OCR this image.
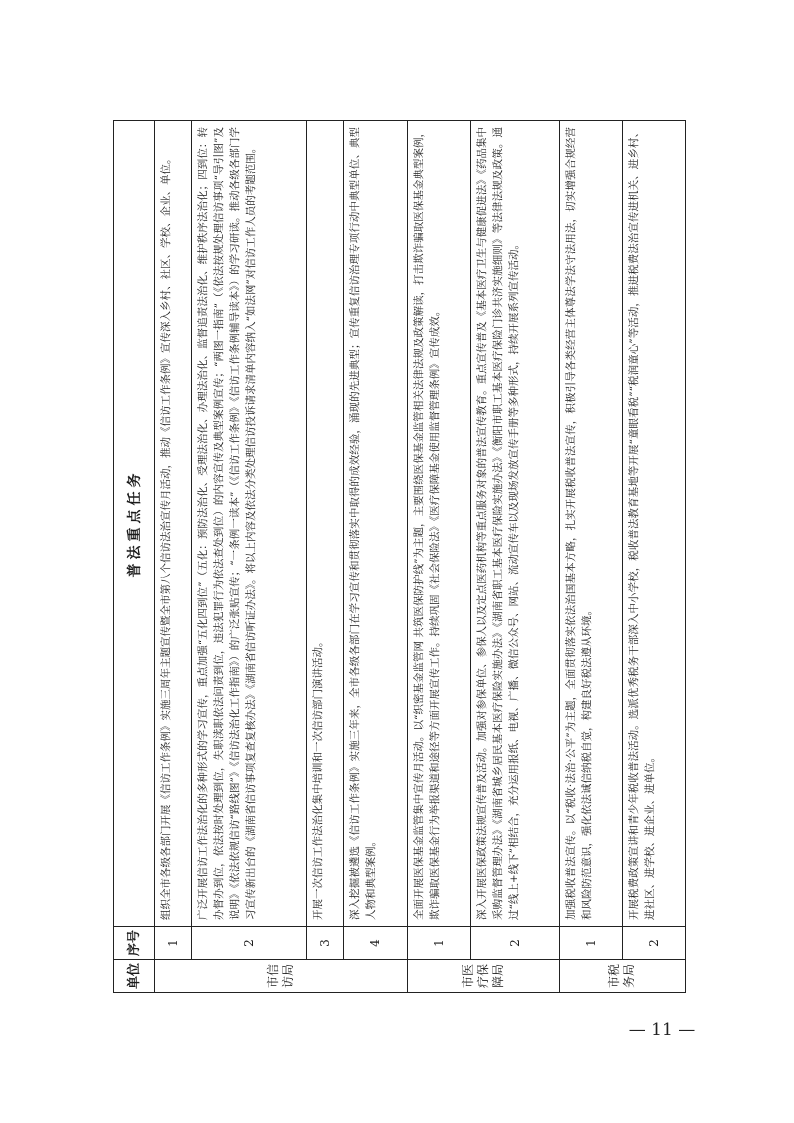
单位	序号	普法重点任务
市信访局	1	组织全市各级各部门开展《信访工作条例》实施三周年主题宣传暨全市第八个信访法治宣传月活动，推动《信访工作条例》宣传深入乡村、社区、学校、企业、单位。
	2	广泛开展信访工作法治化的多种形式的学习宣传，重点加强“五化四到位”（五化：预防法治化、受理法治化、办理法治化、监督追责法治化、维护秩序法治化；四到位：转办督办到位，依法按时处理到位，失职渎职依法问责到位，违法犯罪行为依法查处到位）的内容宣传及典型案例宣传；“两图一指南”（《依法按规处理信访事项“导引图”及说明》《依法依规信访“路线图”》《信访法治化工作指南》）的广泛张贴宣传；“一条例一读本”（《信访工作条例》《信访工作条例辅导读本》）的学习研读。推动各级各部门学习宣传新出台的《湖南省信访事项复查复核办法》《湖南省信访听证办法》。将以上内容及依法分类处理信访投诉请求清单内容纳入“如法网”对信访工作人员的考题范围。
	3	开展一次信访工作法治化集中培训和一次信访部门演讲活动。
	4	深入挖掘被遴选《信访工作条例》实施三年来，全市各级各部门在学习宣传和贯彻落实中取得的成效经验，涌现的先进典型；宣传重复信访治理专项行动中典型单位、典型人物和典型案例。
市医疗保障局	1	全面开展医保基金监管集中宣传月活动。以“织密基金监管网 共筑医保防护线”为主题，主要围绕医保基金监管相关法律法规及政策解读，打击欺诈骗取医保基金典型案例，欺诈骗取医保基金行为举报渠道和途径等方面开展宣传工作。持续巩固《社会保险法》《医疗保障基金使用监督管理条例》宣传成效。
	2	深入开展医保政策法规宣传普及活动。加强对参保单位、参保人以及定点医药机构等重点服务对象的普法宣传教育。重点宣传普及《基本医疗卫生与健康促进法》《药品集中采购监督管理办法》《湖南省城乡居民基本医疗保险实施办法》《湖南省职工基本医疗保险实施办法》《衡阳市职工基本医疗保险门诊共济实施细则》等法律法规及政策。通过“线上+线下”相结合，充分运用报纸、电视、广播、微信公众号、网站、流动宣传车以及现场发放宣传手册等多种形式，持续开展系列宣传活动。
市税务局	1	加强税收普法宣传。以“税收·法治·公平”为主题，全面贯彻落实依法治国基本方略，扎实开展税收普法宣传，积极引导各类经营主体尊法学法守法用法，切实增强合规经营和风险防范意识，强化依法诚信纳税自觉，构建良好税法遵从环境。
	2	开展税费政策宣讲和青少年税收普法活动。选派优秀税务干部深入中小学校，税收普法教育基地等开展“童眼看税”“税润童心”等活动，推进税费法治宣传进机关、进乡村、进社区、进学校、进企业、进单位。
— 11 —
